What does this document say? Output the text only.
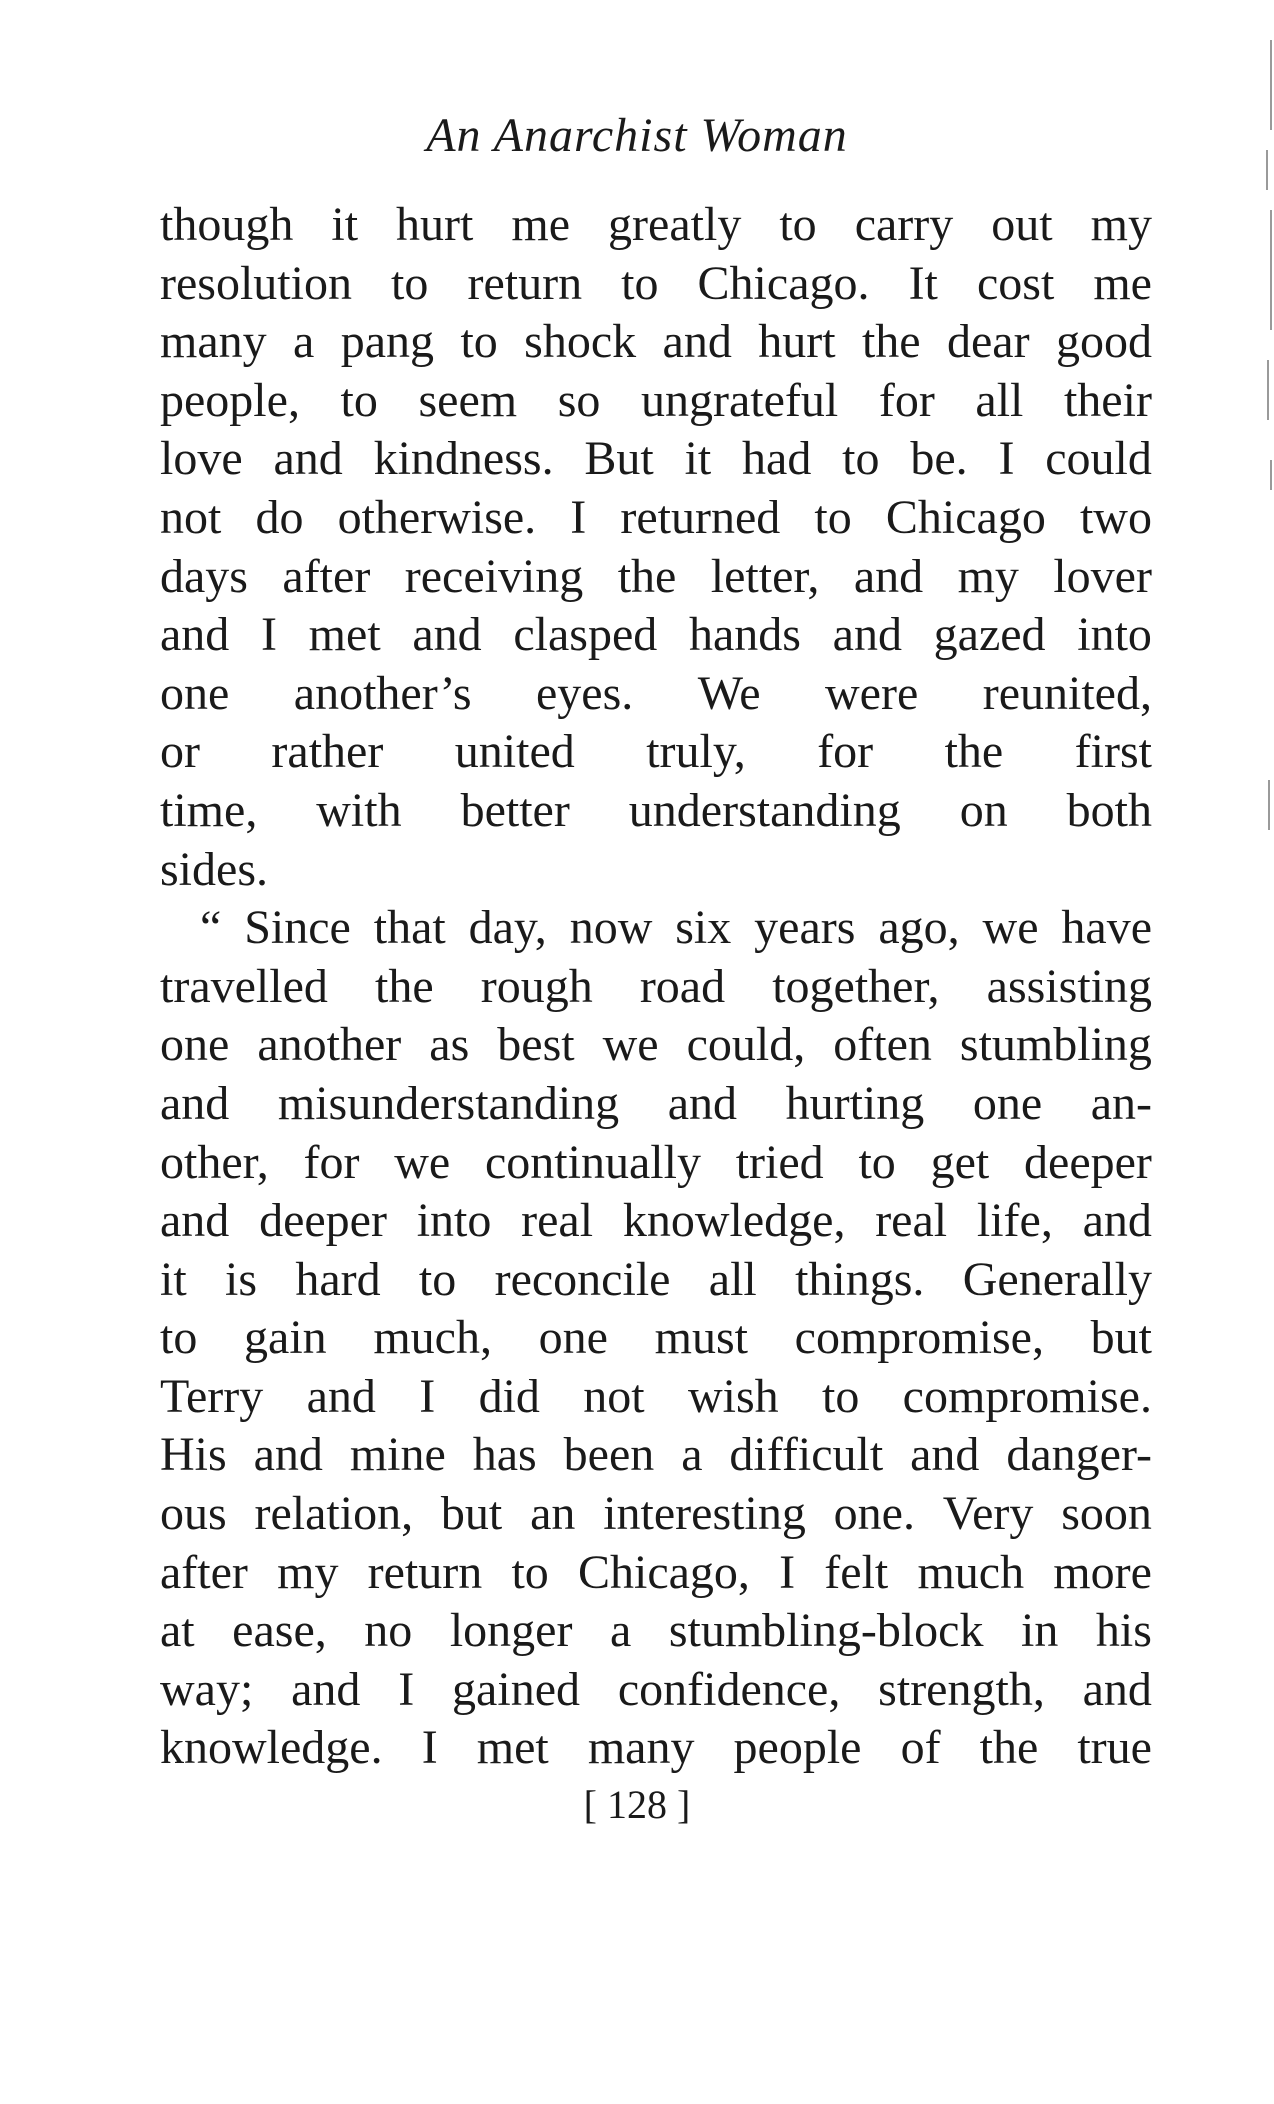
An Anarchist Woman
though it hurt me greatly to carry out my
resolution to return to Chicago. It cost me
many a pang to shock and hurt the dear good
people, to seem so ungrateful for all their
love and kindness. But it had to be. I could
not do otherwise. I returned to Chicago two
days after receiving the letter, and my lover
and I met and clasped hands and gazed into
one another’s eyes. We were reunited,
or rather united truly, for the first
time, with better understanding on both
sides.
“ Since that day, now six years ago, we have
travelled the rough road together, assisting
one another as best we could, often stumbling
and misunderstanding and hurting one an-
other, for we continually tried to get deeper
and deeper into real knowledge, real life, and
it is hard to reconcile all things. Generally
to gain much, one must compromise, but
Terry and I did not wish to compromise.
His and mine has been a difficult and danger-
ous relation, but an interesting one. Very soon
after my return to Chicago, I felt much more
at ease, no longer a stumbling-block in his
way; and I gained confidence, strength, and
knowledge. I met many people of the true
[ 128 ]
